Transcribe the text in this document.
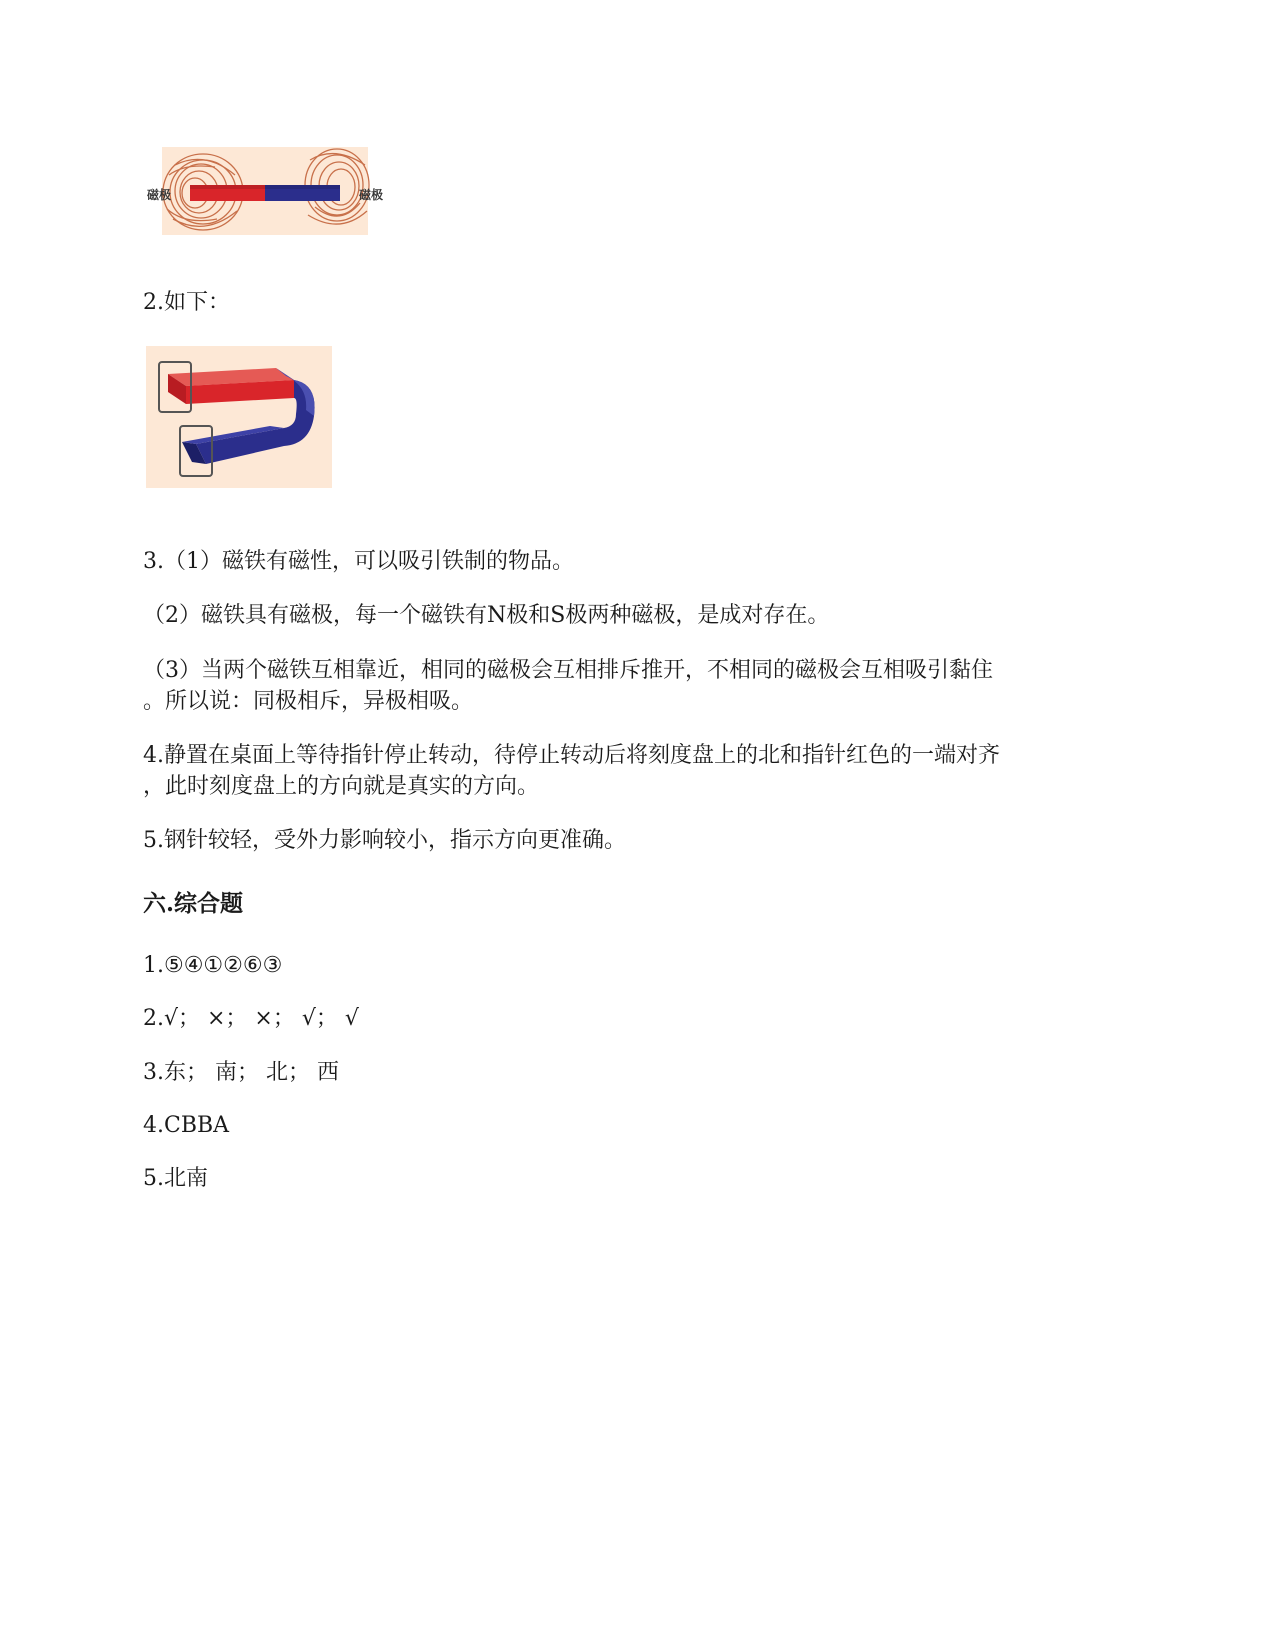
磁极	磁极
2.如下：
3.（1）磁铁有磁性，可以吸引铁制的物品。
（2）磁铁具有磁极，每一个磁铁有N极和S极两种磁极，是成对存在。
（3）当两个磁铁互相靠近，相同的磁极会互相排斥推开，不相同的磁极会互相吸引黏住
。所以说：同极相斥，异极相吸。
4.静置在桌面上等待指针停止转动，待停止转动后将刻度盘上的北和指针红色的一端对齐
，此时刻度盘上的方向就是真实的方向。
5.钢针较轻，受外力影响较小，指示方向更准确。
六.综合题
1.⑤④①②⑥③
2.√； ×； ×； √； √
3.东； 南； 北； 西
4.CBBA
5.北南
